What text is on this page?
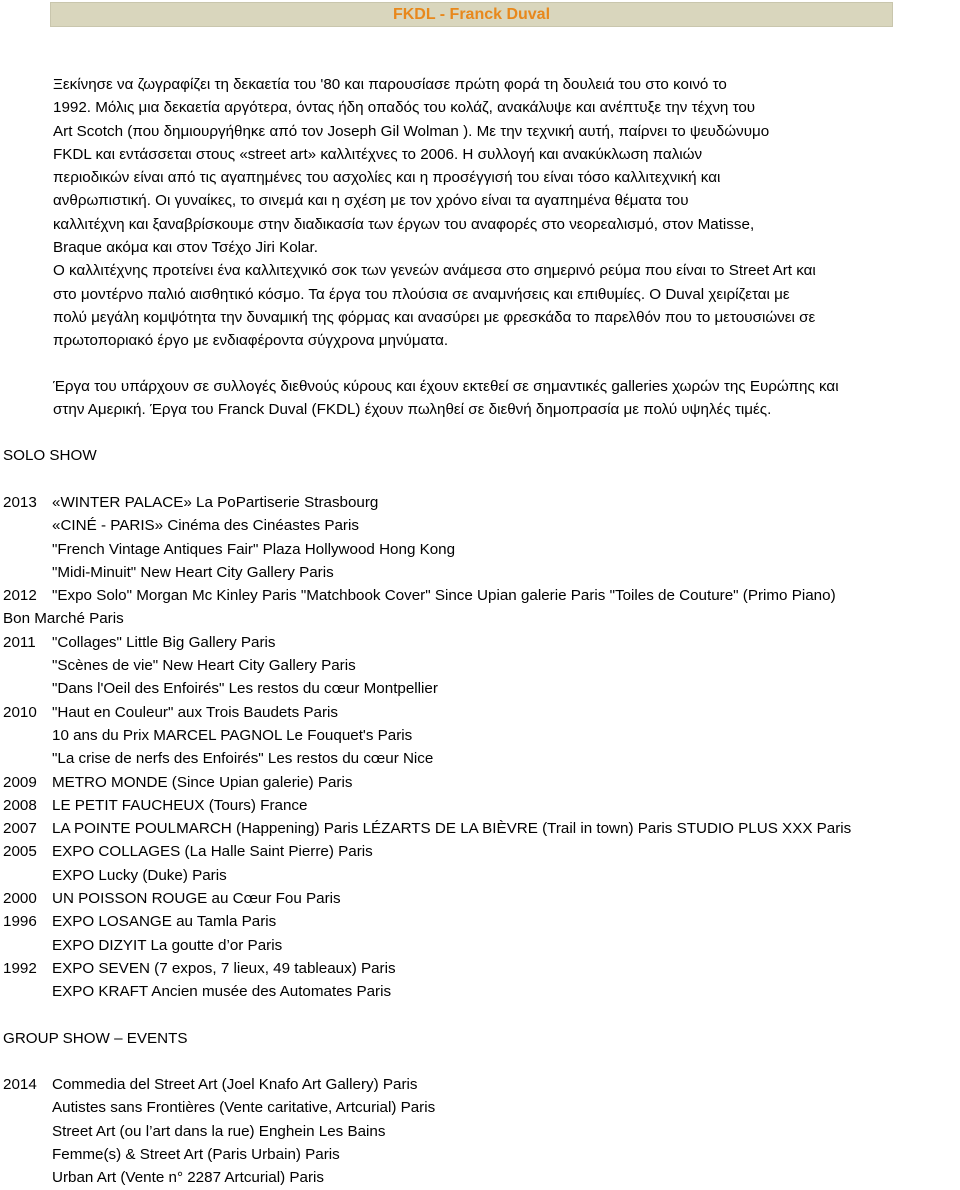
FKDL - Franck Duval

Ξεκίνησε να ζωγραφίζει τη δεκαετία του '80 και παρουσίασε πρώτη φορά τη δουλειά του στο κοινό το
1992. Μόλις μια δεκαετία αργότερα, όντας ήδη οπαδός του κολάζ, ανακάλυψε και ανέπτυξε την τέχνη του
Art Scotch (που δημιουργήθηκε από τον Joseph Gil Wolman ). Με την τεχνική αυτή, παίρνει το ψευδώνυμο
FKDL και εντάσσεται στους «street art» καλλιτέχνες το 2006. Η συλλογή και ανακύκλωση παλιών
περιοδικών είναι από τις αγαπημένες του ασχολίες και η προσέγγισή του είναι τόσο καλλιτεχνική και
ανθρωπιστική. Οι γυναίκες, το σινεμά και η σχέση με τον χρόνο είναι τα αγαπημένα θέματα του
καλλιτέχνη και ξαναβρίσκουμε στην διαδικασία των έργων του αναφορές στο νεορεαλισμό, στον Matisse,
Braque ακόμα και στον Τσέχο Jiri Kolar.
Ο καλλιτέχνης προτείνει ένα καλλιτεχνικό σοκ των γενεών ανάμεσα στο σημερινό ρεύμα που είναι το Street Art και
στο μοντέρνο παλιό αισθητικό κόσμο. Τα έργα του πλούσια σε αναμνήσεις και επιθυμίες. Ο Duval χειρίζεται με
πολύ μεγάλη κομψότητα την δυναμική της φόρμας και ανασύρει με φρεσκάδα το παρελθόν που το μετουσιώνει σε
πρωτοποριακό έργο με ενδιαφέροντα σύγχρονα μηνύματα.

Έργα του υπάρχουν σε συλλογές διεθνούς κύρους και έχουν εκτεθεί σε σημαντικές galleries χωρών της Ευρώπης και
στην Αμερική. Έργα του Franck Duval (FKDL) έχουν πωληθεί σε διεθνή δημοπρασία με πολύ υψηλές τιμές.

SOLO SHOW
2013	«WINTER PALACE» La PoPartiserie Strasbourg
«CINÉ - PARIS» Cinéma des Cinéastes Paris
"French Vintage Antiques Fair" Plaza Hollywood Hong Kong
"Midi-Minuit" New Heart City Gallery Paris
2012	"Expo Solo" Morgan Mc Kinley Paris "Matchbook Cover" Since Upian galerie Paris "Toiles de Couture" (Primo Piano)
Bon Marché Paris
2011	"Collages" Little Big Gallery Paris
"Scènes de vie" New Heart City Gallery Paris
"Dans l'Oeil des Enfoirés" Les restos du cœur Montpellier
2010	"Haut en Couleur" aux Trois Baudets Paris
10 ans du Prix MARCEL PAGNOL Le Fouquet's Paris
"La crise de nerfs des Enfoirés" Les restos du cœur Nice
2009	METRO MONDE (Since Upian galerie) Paris
2008	LE PETIT FAUCHEUX (Tours) France
2007	LA POINTE POULMARCH (Happening) Paris LÉZARTS DE LA BIÈVRE (Trail in town) Paris STUDIO PLUS XXX Paris
2005	EXPO COLLAGES (La Halle Saint Pierre) Paris
EXPO Lucky (Duke) Paris
2000	UN POISSON ROUGE au Cœur Fou Paris
1996	EXPO LOSANGE au Tamla Paris
EXPO DIZYIT La goutte d’or Paris
1992	EXPO SEVEN (7 expos, 7 lieux, 49 tableaux) Paris
EXPO KRAFT Ancien musée des Automates Paris
GROUP SHOW – EVENTS
2014	Commedia del Street Art (Joel Knafo Art Gallery) Paris
Autistes sans Frontières (Vente caritative, Artcurial) Paris
Street Art (ou l’art dans la rue) Enghein Les Bains
Femme(s) & Street Art (Paris Urbain) Paris
Urban Art (Vente n° 2287 Artcurial) Paris
